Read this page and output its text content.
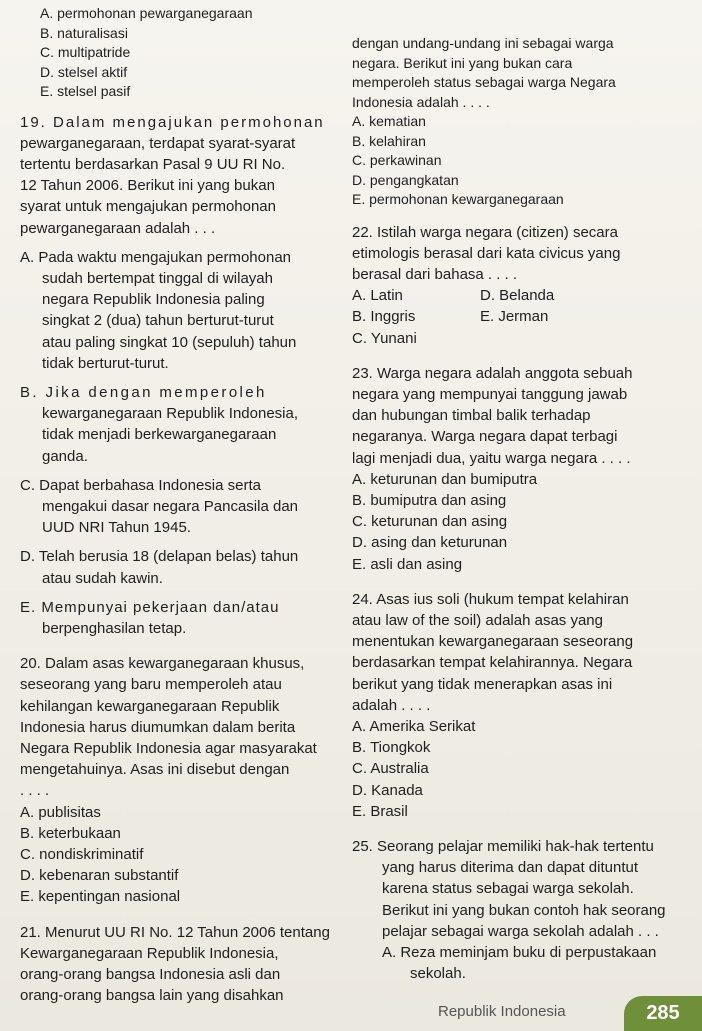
A. permohonan pewarganegaraan
B. naturalisasi
C. multipatride
D. stelsel aktif
E. stelsel pasif
19. Dalam mengajukan permohonan
pewarganegaraan, terdapat syarat-syarat
tertentu berdasarkan Pasal 9 UU RI No.
12 Tahun 2006. Berikut ini yang bukan
syarat untuk mengajukan permohonan
pewarganegaraan adalah . . .
A. Pada waktu mengajukan permohonan
sudah bertempat tinggal di wilayah
negara Republik Indonesia paling
singkat 2 (dua) tahun berturut-turut
atau paling singkat 10 (sepuluh) tahun
tidak berturut-turut.
B. Jika dengan memperoleh
kewarganegaraan Republik Indonesia,
tidak menjadi berkewarganegaraan
ganda.
C. Dapat berbahasa Indonesia serta
mengakui dasar negara Pancasila dan
UUD NRI Tahun 1945.
D. Telah berusia 18 (delapan belas) tahun
atau sudah kawin.
E. Mempunyai pekerjaan dan/atau
berpenghasilan tetap.
20. Dalam asas kewarganegaraan khusus,
seseorang yang baru memperoleh atau
kehilangan kewarganegaraan Republik
Indonesia harus diumumkan dalam berita
Negara Republik Indonesia agar masyarakat
mengetahuinya. Asas ini disebut dengan
. . . .
A. publisitas
B. keterbukaan
C. nondiskriminatif
D. kebenaran substantif
E. kepentingan nasional
21. Menurut UU RI No. 12 Tahun 2006 tentang
Kewarganegaraan Republik Indonesia,
orang-orang bangsa Indonesia asli dan
orang-orang bangsa lain yang disahkan
dengan undang-undang ini sebagai warga
negara. Berikut ini yang bukan cara
memperoleh status sebagai warga Negara
Indonesia adalah . . . .
A. kematian
B. kelahiran
C. perkawinan
D. pengangkatan
E. permohonan kewarganegaraan
22. Istilah warga negara (citizen) secara
etimologis berasal dari kata civicus yang
berasal dari bahasa . . . .
A. Latin	D. Belanda
B. Inggris	E. Jerman
C. Yunani
23. Warga negara adalah anggota sebuah
negara yang mempunyai tanggung jawab
dan hubungan timbal balik terhadap
negaranya. Warga negara dapat terbagi
lagi menjadi dua, yaitu warga negara . . . .
A. keturunan dan bumiputra
B. bumiputra dan asing
C. keturunan dan asing
D. asing dan keturunan
E. asli dan asing
24. Asas ius soli (hukum tempat kelahiran
atau law of the soil) adalah asas yang
menentukan kewarganegaraan seseorang
berdasarkan tempat kelahirannya. Negara
berikut yang tidak menerapkan asas ini
adalah . . . .
A. Amerika Serikat
B. Tiongkok
C. Australia
D. Kanada
E. Brasil
25. Seorang pelajar memiliki hak-hak tertentu
yang harus diterima dan dapat dituntut
karena status sebagai warga sekolah.
Berikut ini yang bukan contoh hak seorang
pelajar sebagai warga sekolah adalah . . .
A. Reza meminjam buku di perpustakaan
sekolah.
Republik Indonesia	285
